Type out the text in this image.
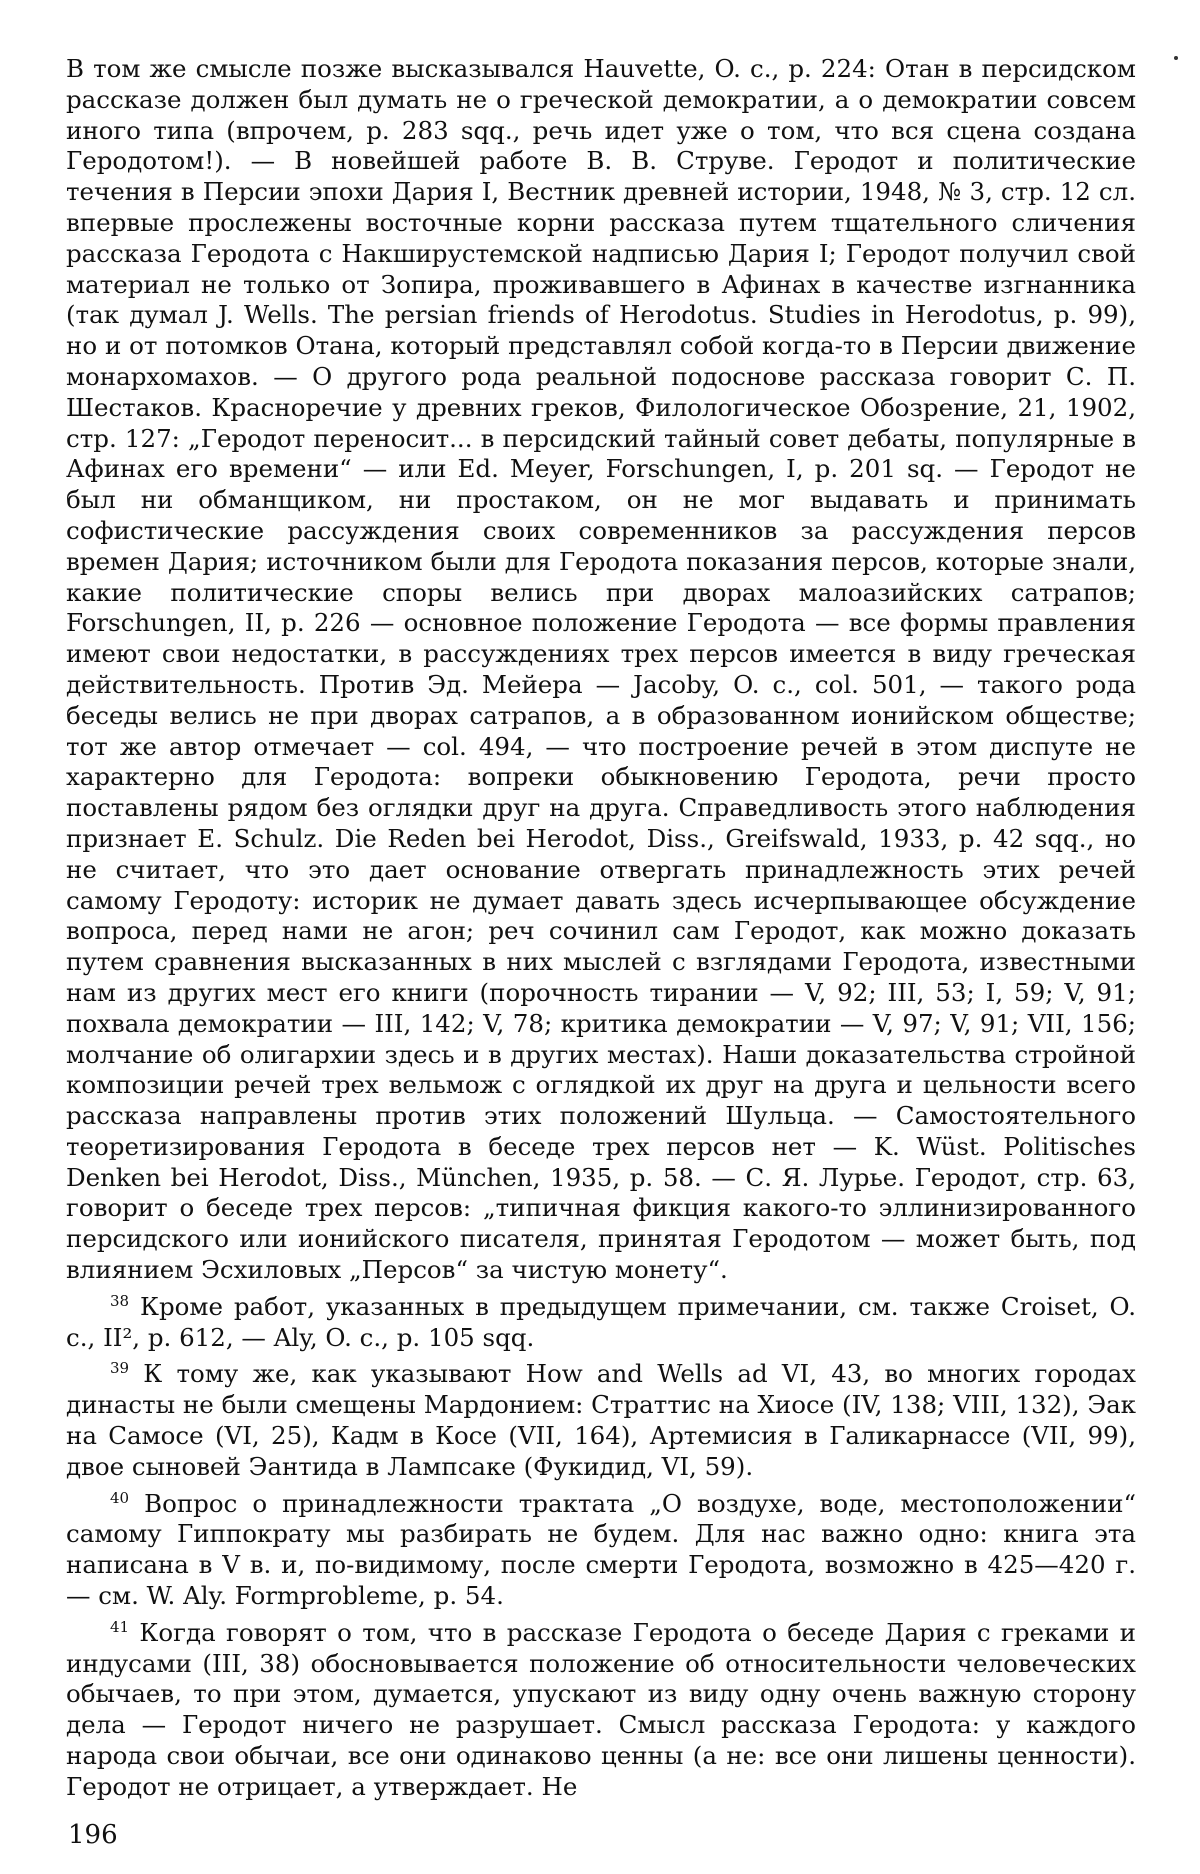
В том же смысле позже высказывался Hauvette, O. c., p. 224: Отан в персидском рассказе должен был думать не о греческой демократии, а о демократии совсем иного типа (впрочем, p. 283 sqq., речь идет уже о том, что вся сцена создана Геродотом!). — В новейшей работе В. В. Струве. Геродот и политические течения в Персии эпохи Дария I, Вестник древней истории, 1948, № 3, стр. 12 сл. впервые прослежены восточные корни рассказа путем тщательного сличения рассказа Геродота с Накширустемской надписью Дария I; Геродот получил свой материал не только от Зопира, проживавшего в Афинах в качестве изгнанника (так думал J. Wells. The persian friends of Herodotus. Studies in Herodotus, p. 99), но и от потомков Отана, который представлял собой когда-то в Персии движение монархомахов. — О другого рода реальной подоснове рассказа говорит С. П. Шестаков. Красноречие у древних греков, Филологическое Обозрение, 21, 1902, стр. 127: „Геродот переносит... в персидский тайный совет дебаты, популярные в Афинах его времени“ — или Ed. Meyer, Forschungen, I, p. 201 sq. — Геродот не был ни обманщиком, ни простаком, он не мог выдавать и принимать софистические рассуждения своих современников за рассуждения персов времен Дария; источником были для Геродота показания персов, которые знали, какие политические споры велись при дворах малоазийских сатрапов; Forschungen, II, p. 226 — основное положение Геродота — все формы правления имеют свои недостатки, в рассуждениях трех персов имеется в виду греческая действительность. Против Эд. Мейера — Jacoby, O. c., col. 501, — такого рода беседы велись не при дворах сатрапов, а в образованном ионийском обществе; тот же автор отмечает — col. 494, — что построение речей в этом диспуте не характерно для Геродота: вопреки обыкновению Геродота, речи просто поставлены рядом без оглядки друг на друга. Справедливость этого наблюдения признает E. Schulz. Die Reden bei Herodot, Diss., Greifswald, 1933, p. 42 sqq., но не считает, что это дает основание отвергать принадлежность этих речей самому Геродоту: историк не думает давать здесь исчерпывающее обсуждение вопроса, перед нами не агон; реч сочинил сам Геродот, как можно доказать путем сравнения высказанных в них мыслей с взглядами Геродота, известными нам из других мест его книги (порочность тирании — V, 92; III, 53; I, 59; V, 91; похвала демократии — III, 142; V, 78; критика демократии — V, 97; V, 91; VII, 156; молчание об олигархии здесь и в других местах). Наши доказательства стройной композиции речей трех вельмож с оглядкой их друг на друга и цельности всего рассказа направлены против этих положений Шульца. — Самостоятельного теоретизирования Геродота в беседе трех персов нет — K. Wüst. Politisches Denken bei Herodot, Diss., München, 1935, p. 58. — С. Я. Лурье. Геродот, стр. 63, говорит о беседе трех персов: „типичная фикция какого-то эллинизированного персидского или ионийского писателя, принятая Геродотом — может быть, под влиянием Эсхиловых „Персов“ за чистую монету“.

$^{38}$ Кроме работ, указанных в предыдущем примечании, см. также Croiset, O. c., II², p. 612, — Aly, O. c., p. 105 sqq.

$^{39}$ К тому же, как указывают How and Wells ad VI, 43, во многих городах династы не были смещены Мардонием: Страттис на Хиосе (IV, 138; VIII, 132), Эак на Самосе (VI, 25), Кадм в Косе (VII, 164), Артемисия в Галикарнассе (VII, 99), двое сыновей Эантида в Лампсаке (Фукидид, VI, 59).

$^{40}$ Вопрос о принадлежности трактата „О воздухе, воде, местоположении“ самому Гиппократу мы разбирать не будем. Для нас важно одно: книга эта написана в V в. и, по-видимому, после смерти Геродота, возможно в 425—420 г. — см. W. Aly. Formprobleme, p. 54.

$^{41}$ Когда говорят о том, что в рассказе Геродота о беседе Дария с греками и индусами (III, 38) обосновывается положение об относительности человеческих обычаев, то при этом, думается, упускают из виду одну очень важную сторону дела — Геродот ничего не разрушает. Смысл рассказа Геродота: у каждого народа свои обычаи, все они одинаково ценны (а не: все они лишены ценности). Геродот не отрицает, а утверждает. Не

196
